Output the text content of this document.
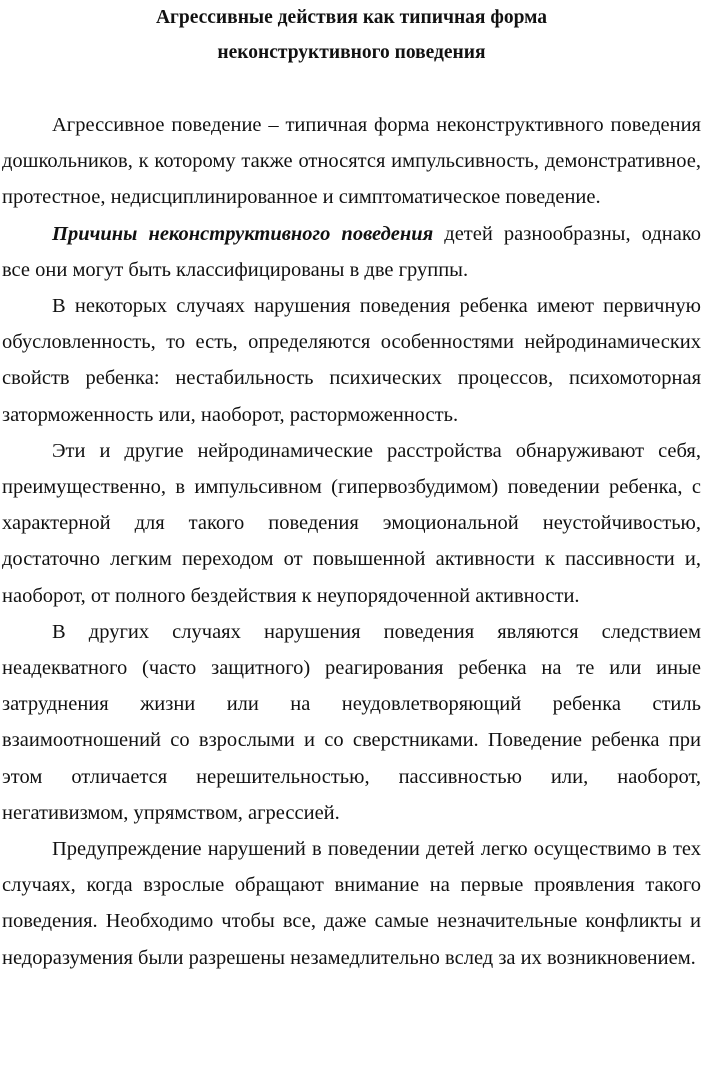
Агрессивные действия как типичная форма
неконструктивного поведения

Агрессивное поведение – типичная форма неконструктивного поведения дошкольников, к которому также относятся импульсивность, демонстративное, протестное, недисциплинированное и симптоматическое поведение.

Причины неконструктивного поведения детей разнообразны, однако все они могут быть классифицированы в две группы.

В некоторых случаях нарушения поведения ребенка имеют первичную обусловленность, то есть, определяются особенностями нейродинамических свойств ребенка: нестабильность психических процессов, психомоторная заторможенность или, наоборот, расторможенность.

Эти и другие нейродинамические расстройства обнаруживают себя, преимущественно, в импульсивном (гипервозбудимом) поведении ребенка, с характерной для такого поведения эмоциональной неустойчивостью, достаточно легким переходом от повышенной активности к пассивности и, наоборот, от полного бездействия к неупорядоченной активности.

В других случаях нарушения поведения являются следствием неадекватного (часто защитного) реагирования ребенка на те или иные затруднения жизни или на неудовлетворяющий ребенка стиль взаимоотношений со взрослыми и со сверстниками. Поведение ребенка при этом отличается нерешительностью, пассивностью или, наоборот, негативизмом, упрямством, агрессией.

Предупреждение нарушений в поведении детей легко осуществимо в тех случаях, когда взрослые обращают внимание на первые проявления такого поведения. Необходимо чтобы все, даже самые незначительные конфликты и недоразумения были разрешены незамедлительно вслед за их возникновением.
